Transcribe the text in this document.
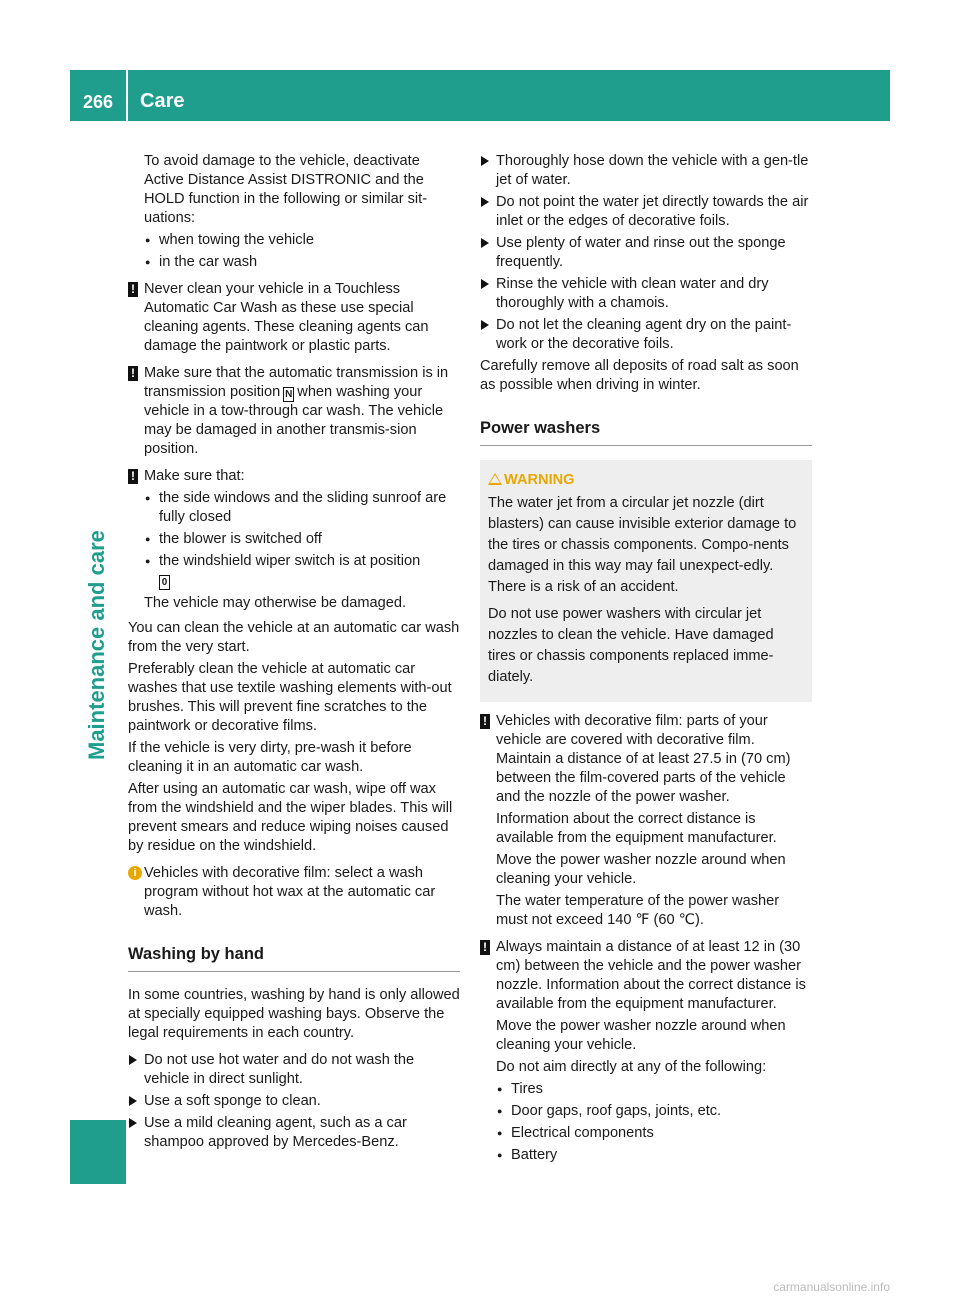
266	Care
Maintenance and care

To avoid damage to the vehicle, deactivate Active Distance Assist DISTRONIC and the HOLD function in the following or similar sit-uations:

● when towing the vehicle
● in the car wash
! Never clean your vehicle in a Touchless Automatic Car Wash as these use special cleaning agents. These cleaning agents can damage the paintwork or plastic parts.

! Make sure that the automatic transmission is in transmission position N when washing your vehicle in a tow-through car wash. The vehicle may be damaged in another transmis-sion position.

! Make sure that:

● the side windows and the sliding sunroof are fully closed
● the blower is switched off
● the windshield wiper switch is at position
0

The vehicle may otherwise be damaged.

You can clean the vehicle at an automatic car wash from the very start.

Preferably clean the vehicle at automatic car washes that use textile washing elements with-out brushes. This will prevent fine scratches to the paintwork or decorative films.

If the vehicle is very dirty, pre-wash it before cleaning it in an automatic car wash.

After using an automatic car wash, wipe off wax from the windshield and the wiper blades. This will prevent smears and reduce wiping noises caused by residue on the windshield.

i Vehicles with decorative film: select a wash program without hot wax at the automatic car wash.

Washing by hand

In some countries, washing by hand is only allowed at specially equipped washing bays. Observe the legal requirements in each country.

Do not use hot water and do not wash the vehicle in direct sunlight.
Use a soft sponge to clean.
Use a mild cleaning agent, such as a car shampoo approved by Mercedes-Benz.
Thoroughly hose down the vehicle with a gen-tle jet of water.
Do not point the water jet directly towards the air inlet or the edges of decorative foils.
Use plenty of water and rinse out the sponge frequently.
Rinse the vehicle with clean water and dry thoroughly with a chamois.
Do not let the cleaning agent dry on the paint-work or the decorative foils.

Carefully remove all deposits of road salt as soon as possible when driving in winter.

Power washers
WARNING

The water jet from a circular jet nozzle (dirt blasters) can cause invisible exterior damage to the tires or chassis components. Compo-nents damaged in this way may fail unexpect-edly. There is a risk of an accident.

Do not use power washers with circular jet nozzles to clean the vehicle. Have damaged tires or chassis components replaced imme-diately.

! Vehicles with decorative film: parts of your vehicle are covered with decorative film. Maintain a distance of at least 27.5 in (70 cm) between the film-covered parts of the vehicle and the nozzle of the power washer.

Information about the correct distance is available from the equipment manufacturer.

Move the power washer nozzle around when cleaning your vehicle.

The water temperature of the power washer must not exceed 140 ℉ (60 ℃).

! Always maintain a distance of at least 12 in (30 cm) between the vehicle and the power washer nozzle. Information about the correct distance is available from the equipment manufacturer.

Move the power washer nozzle around when cleaning your vehicle.

Do not aim directly at any of the following:

● Tires
● Door gaps, roof gaps, joints, etc.
● Electrical components
● Battery
carmanualsonline.info
